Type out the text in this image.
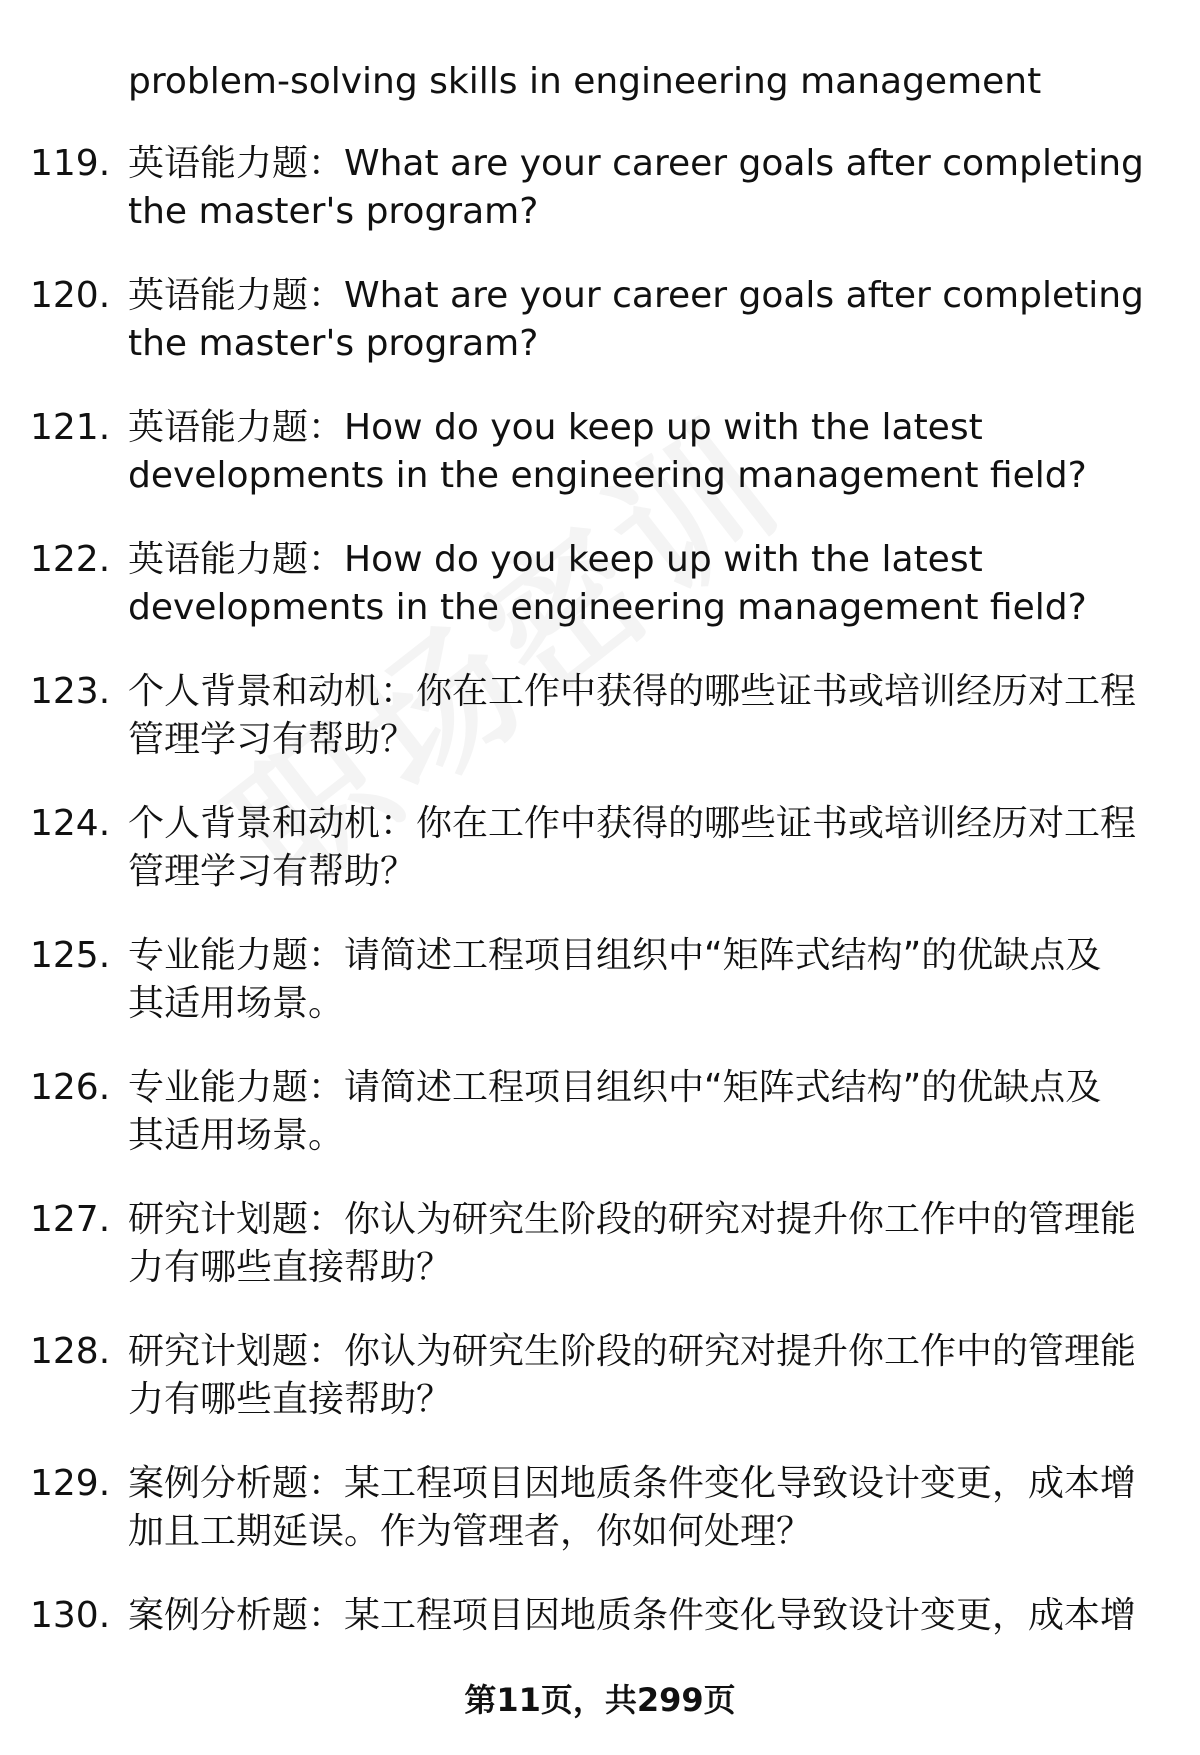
problem-solving skills in engineering management
119. 英语能力题：What are your career goals after completing
the master's program?
120. 英语能力题：What are your career goals after completing
the master's program?
121. 英语能力题：How do you keep up with the latest
developments in the engineering management field?
122. 英语能力题：How do you keep up with the latest
developments in the engineering management field?
123. 个人背景和动机：你在工作中获得的哪些证书或培训经历对工程
管理学习有帮助？
124. 个人背景和动机：你在工作中获得的哪些证书或培训经历对工程
管理学习有帮助？
125. 专业能力题：请简述工程项目组织中“矩阵式结构”的优缺点及
其适用场景。
126. 专业能力题：请简述工程项目组织中“矩阵式结构”的优缺点及
其适用场景。
127. 研究计划题：你认为研究生阶段的研究对提升你工作中的管理能
力有哪些直接帮助？
128. 研究计划题：你认为研究生阶段的研究对提升你工作中的管理能
力有哪些直接帮助？
129. 案例分析题：某工程项目因地质条件变化导致设计变更，成本增
加且工期延误。作为管理者，你如何处理？
130. 案例分析题：某工程项目因地质条件变化导致设计变更，成本增
第11页，共299页
